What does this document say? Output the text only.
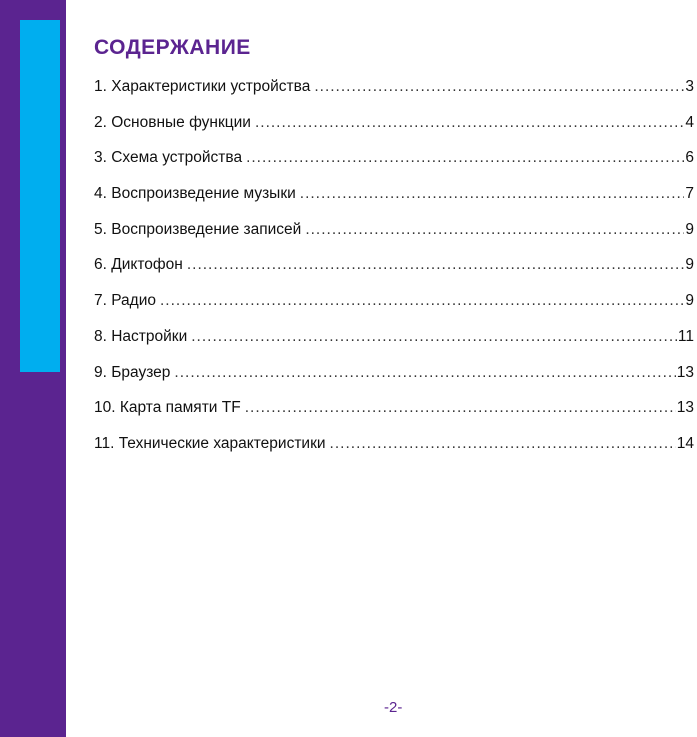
СОДЕРЖАНИЕ
1. Характеристики устройства .....	3
2. Основные функции .....	4
3. Схема устройства .....	6
4. Воспроизведение музыки .....	7
5. Воспроизведение записей .....	9
6. Диктофон .....	9
7. Радио .....	9
8. Настройки .....	11
9. Браузер .....	13
10. Карта памяти TF .....	13
11. Технические характеристики .....	14
-2-
